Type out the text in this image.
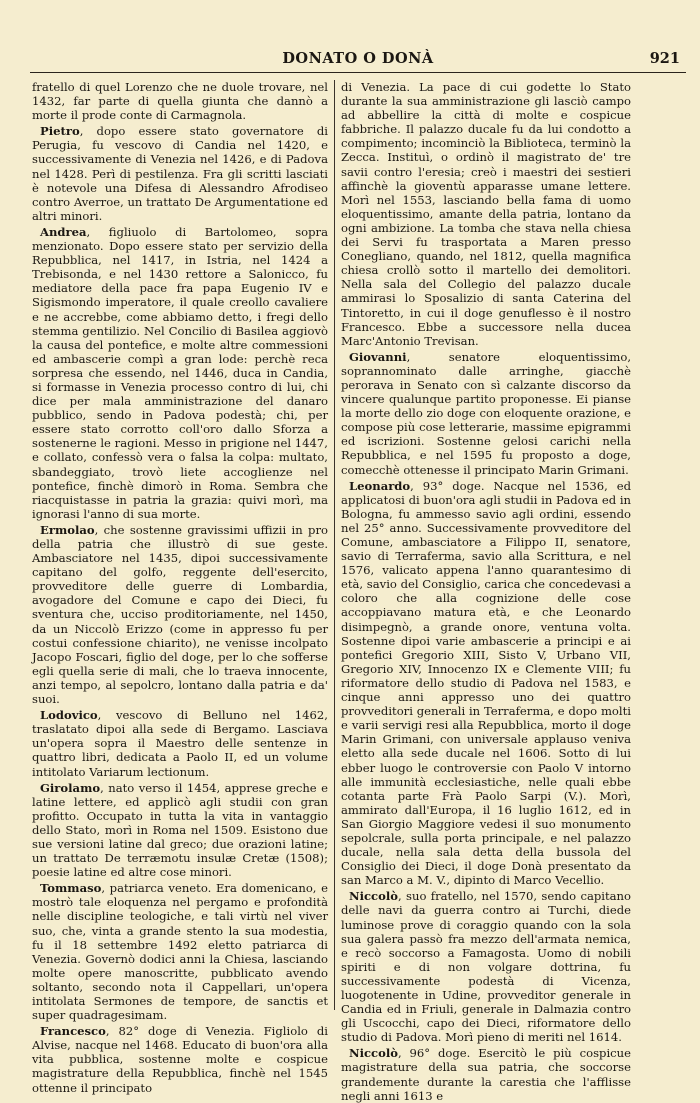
DONATO O DONÀ	921

fratello di quel Lorenzo che ne duole trovare, nel 1432, far parte di quella giunta che dannò a morte il prode conte di Carmagnola.

Pietro, dopo essere stato governatore di Perugia, fu vescovo di Candia nel 1420, e successivamente di Venezia nel 1426, e di Padova nel 1428. Perì di pestilenza. Fra gli scritti lasciati è notevole una Difesa di Alessandro Afrodiseo contro Averroe, un trattato De Argumentatione ed altri minori.

Andrea, figliuolo di Bartolomeo, sopra menzionato. Dopo essere stato per servizio della Repubblica, nel 1417, in Istria, nel 1424 a Trebisonda, e nel 1430 rettore a Salonicco, fu mediatore della pace fra papa Eugenio IV e Sigismondo imperatore, il quale creollo cavaliere e ne accrebbe, come abbiamo detto, i fregi dello stemma gentilizio. Nel Concilio di Basilea aggiovò la causa del pontefice, e molte altre commessioni ed ambascerie compì a gran lode: perchè reca sorpresa che essendo, nel 1446, duca in Candia, si formasse in Venezia processo contro di lui, chi dice per mala amministrazione del danaro pubblico, sendo in Padova podestà; chi, per essere stato corrotto coll'oro dallo Sforza a sostenerne le ragioni. Messo in prigione nel 1447, e collato, confessò vera o falsa la colpa: multato, sbandeggiato, trovò liete accoglienze nel pontefice, finchè dimorò in Roma. Sembra che riacquistasse in patria la grazia: quivi morì, ma ignorasi l'anno di sua morte.

Ermolao, che sostenne gravissimi uffizii in pro della patria che illustrò di sue geste. Ambasciatore nel 1435, dipoi successivamente capitano del golfo, reggente dell'esercito, provveditore delle guerre di Lombardia, avogadore del Comune e capo dei Dieci, fu sventura che, ucciso proditoriamente, nel 1450, da un Niccolò Erizzo (come in appresso fu per costui confessione chiarito), ne venisse incolpato Jacopo Foscari, figlio del doge, per lo che sofferse egli quella serie di mali, che lo traeva innocente, anzi tempo, al sepolcro, lontano dalla patria e da' suoi.

Lodovico, vescovo di Belluno nel 1462, traslatato dipoi alla sede di Bergamo. Lasciava un'opera sopra il Maestro delle sentenze in quattro libri, dedicata a Paolo II, ed un volume intitolato Variarum lectionum.

Girolamo, nato verso il 1454, apprese greche e latine lettere, ed applicò agli studii con gran profitto. Occupato in tutta la vita in vantaggio dello Stato, morì in Roma nel 1509. Esistono due sue versioni latine dal greco; due orazioni latine; un trattato De terræmotu insulæ Cretæ (1508); poesie latine ed altre cose minori.

Tommaso, patriarca veneto. Era domenicano, e mostrò tale eloquenza nel pergamo e profondità nelle discipline teologiche, e tali virtù nel viver suo, che, vinta a grande stento la sua modestia, fu il 18 settembre 1492 eletto patriarca di Venezia. Governò dodici anni la Chiesa, lasciando molte opere manoscritte, pubblicato avendo soltanto, secondo nota il Cappellari, un'opera intitolata Sermones de tempore, de sanctis et super quadragesimam.

Francesco, 82° doge di Venezia. Figliolo di Alvise, nacque nel 1468. Educato di buon'ora alla vita pubblica, sostenne molte e cospicue magistrature della Repubblica, finchè nel 1545 ottenne il principato

di Venezia. La pace di cui godette lo Stato durante la sua amministrazione gli lasciò campo ad abbellire la città di molte e cospicue fabbriche. Il palazzo ducale fu da lui condotto a compimento; incominciò la Biblioteca, terminò la Zecca. Instituì, o ordinò il magistrato de' tre savii contro l'eresia; creò i maestri dei sestieri affinchè la gioventù apparasse umane lettere. Morì nel 1553, lasciando bella fama di uomo eloquentissimo, amante della patria, lontano da ogni ambizione. La tomba che stava nella chiesa dei Servi fu trasportata a Maren presso Conegliano, quando, nel 1812, quella magnifica chiesa crollò sotto il martello dei demolitori. Nella sala del Collegio del palazzo ducale ammirasi lo Sposalizio di santa Caterina del Tintoretto, in cui il doge genuflesso è il nostro Francesco. Ebbe a successore nella ducea Marc'Antonio Trevisan.

Giovanni, senatore eloquentissimo, soprannominato dalle arringhe, giacchè perorava in Senato con sì calzante discorso da vincere qualunque partito proponesse. Ei pianse la morte dello zio doge con eloquente orazione, e compose più cose letterarie, massime epigrammi ed iscrizioni. Sostenne gelosi carichi nella Repubblica, e nel 1595 fu proposto a doge, comecchè ottenesse il principato Marin Grimani.

Leonardo, 93° doge. Nacque nel 1536, ed applicatosi di buon'ora agli studii in Padova ed in Bologna, fu ammesso savio agli ordini, essendo nel 25° anno. Successivamente provveditore del Comune, ambasciatore a Filippo II, senatore, savio di Terraferma, savio alla Scrittura, e nel 1576, valicato appena l'anno quarantesimo di età, savio del Consiglio, carica che concedevasi a coloro che alla cognizione delle cose accoppiavano matura età, e che Leonardo disimpegnò, a grande onore, ventuna volta. Sostenne dipoi varie ambascerie a principi e ai pontefici Gregorio XIII, Sisto V, Urbano VII, Gregorio XIV, Innocenzo IX e Clemente VIII; fu riformatore dello studio di Padova nel 1583, e cinque anni appresso uno dei quattro provveditori generali in Terraferma, e dopo molti e varii servigi resi alla Repubblica, morto il doge Marin Grimani, con universale applauso veniva eletto alla sede ducale nel 1606. Sotto di lui ebber luogo le controversie con Paolo V intorno alle immunità ecclesiastiche, nelle quali ebbe cotanta parte Frà Paolo Sarpi (V.). Morì, ammirato dall'Europa, il 16 luglio 1612, ed in San Giorgio Maggiore vedesi il suo monumento sepolcrale, sulla porta principale, e nel palazzo ducale, nella sala detta della bussola del Consiglio dei Dieci, il doge Donà presentato da san Marco a M. V., dipinto di Marco Vecellio.

Niccolò, suo fratello, nel 1570, sendo capitano delle navi da guerra contro ai Turchi, diede luminose prove di coraggio quando con la sola sua galera passò fra mezzo dell'armata nemica, e recò soccorso a Famagosta. Uomo di nobili spiriti e di non volgare dottrina, fu successivamente podestà di Vicenza, luogotenente in Udine, provveditor generale in Candia ed in Friuli, generale in Dalmazia contro gli Uscocchi, capo dei Dieci, riformatore dello studio di Padova. Morì pieno di meriti nel 1614.

Niccolò, 96° doge. Esercitò le più cospicue magistrature della sua patria, che soccorse grandemente durante la carestia che l'afflisse negli anni 1613 e
